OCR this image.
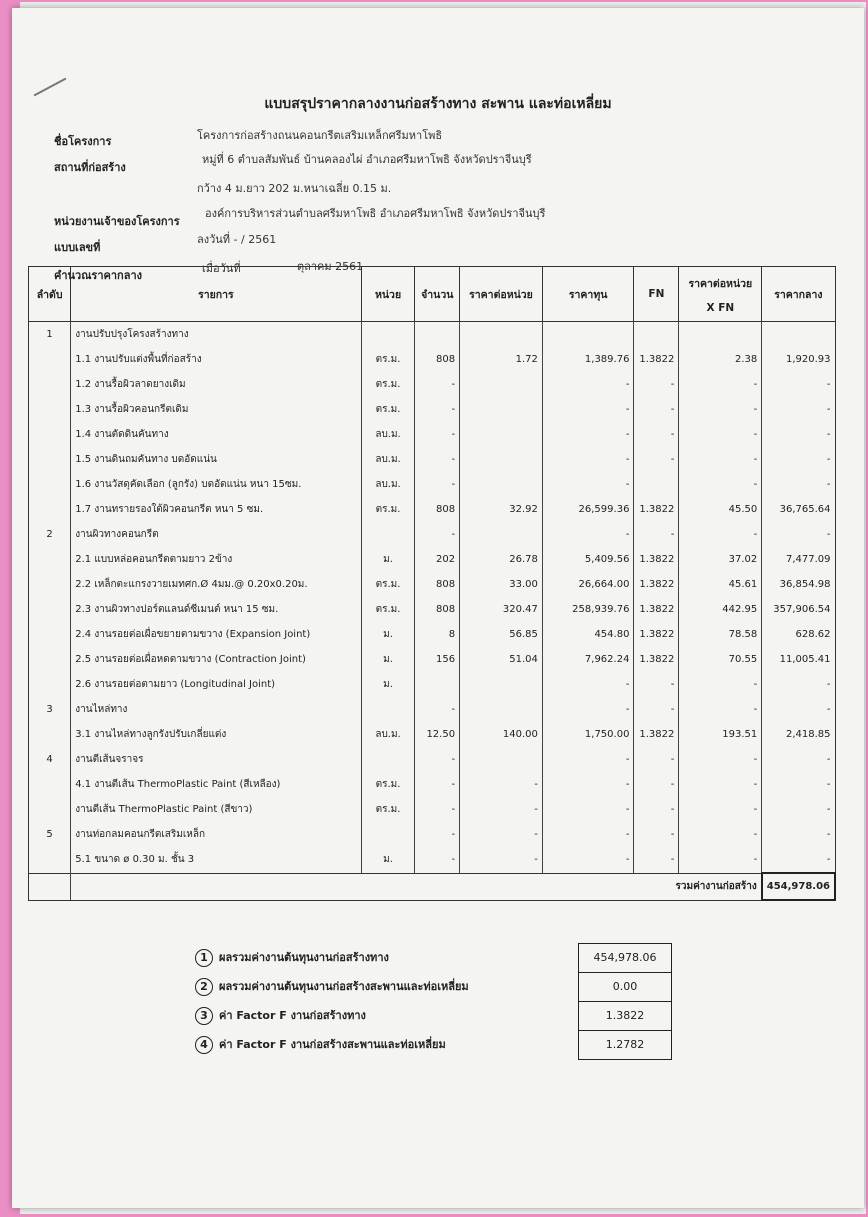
แบบสรุปราคากลางงานก่อสร้างทาง สะพาน และท่อเหลี่ยม
ชื่อโครงการ	โครงการก่อสร้างถนนคอนกรีตเสริมเหล็กศรีมหาโพธิ
สถานที่ก่อสร้าง
หมู่ที่ 6 ตำบลสัมพันธ์ บ้านคลองไผ่ อำเภอศรีมหาโพธิ จังหวัดปราจีนบุรี
กว้าง 4 ม.ยาว 202 ม.หนาเฉลี่ย 0.15 ม.
หน่วยงานเจ้าของโครงการ
องค์การบริหารส่วนตำบลศรีมหาโพธิ อำเภอศรีมหาโพธิ จังหวัดปราจีนบุรี
แบบเลขที่
ลงวันที่ - / 2561
คำนวณราคากลาง
เมื่อวันที่	ตุลาคม 2561
ลำดับ	รายการ	หน่วย	จำนวน	ราคาต่อหน่วย	ราคาทุน	FN	ราคาต่อหน่วย
X FN	ราคากลาง
1	งานปรับปรุงโครงสร้างทาง							
	1.1 งานปรับแต่งพื้นที่ก่อสร้าง	ตร.ม.	808	1.72	1,389.76	1.3822	2.38	1,920.93
	1.2 งานรื้อผิวลาดยางเดิม	ตร.ม.	-		-	-	-	-
	1.3 งานรื้อผิวคอนกรีตเดิม	ตร.ม.	-		-	-	-	-
	1.4 งานตัดดินคันทาง	ลบ.ม.	-		-	-	-	-
	1.5 งานดินถมคันทาง บดอัดแน่น	ลบ.ม.	-		-	-	-	-
	1.6 งานวัสดุคัดเลือก (ลูกรัง) บดอัดแน่น หนา 15ซม.	ลบ.ม.	-		-		-	-
	1.7 งานทรายรองใต้ผิวคอนกรีต หนา 5 ซม.	ตร.ม.	808	32.92	26,599.36	1.3822	45.50	36,765.64
2	งานผิวทางคอนกรีต		-		-	-	-	-
	2.1 แบบหล่อคอนกรีตตามยาว 2ข้าง	ม.	202	26.78	5,409.56	1.3822	37.02	7,477.09
	2.2 เหล็กตะแกรงวายเมทศก.Ø 4มม.@ 0.20x0.20ม.	ตร.ม.	808	33.00	26,664.00	1.3822	45.61	36,854.98
	2.3 งานผิวทางปอร์ตแลนด์ซีเมนต์ หนา 15 ซม.	ตร.ม.	808	320.47	258,939.76	1.3822	442.95	357,906.54
	2.4 งานรอยต่อเผื่อขยายตามขวาง (Expansion Joint)	ม.	8	56.85	454.80	1.3822	78.58	628.62
	2.5 งานรอยต่อเผื่อหดตามขวาง (Contraction Joint)	ม.	156	51.04	7,962.24	1.3822	70.55	11,005.41
	2.6 งานรอยต่อตามยาว (Longitudinal Joint)	ม.			-	-	-	-
3	งานไหล่ทาง		-		-	-	-	-
	3.1 งานไหล่ทางลูกรังปรับเกลี่ยแต่ง	ลบ.ม.	12.50	140.00	1,750.00	1.3822	193.51	2,418.85
4	งานตีเส้นจราจร		-		-	-	-	-
	4.1 งานตีเส้น ThermoPlastic Paint (สีเหลือง)	ตร.ม.	-	-	-	-	-	-
	งานตีเส้น ThermoPlastic Paint (สีขาว)	ตร.ม.	-	-	-	-	-	-
5	งานท่อกลมคอนกรีตเสริมเหล็ก		-	-	-	-	-	-
	5.1 ขนาด ø 0.30 ม. ชั้น 3	ม.	-	-	-	-	-	-
	รวมค่างานก่อสร้าง							454,978.06
1 ผลรวมค่างานต้นทุนงานก่อสร้างทาง	454,978.06
2 ผลรวมค่างานต้นทุนงานก่อสร้างสะพานและท่อเหลี่ยม	0.00
3 ค่า Factor F งานก่อสร้างทาง	1.3822
4 ค่า Factor F งานก่อสร้างสะพานและท่อเหลี่ยม	1.2782
